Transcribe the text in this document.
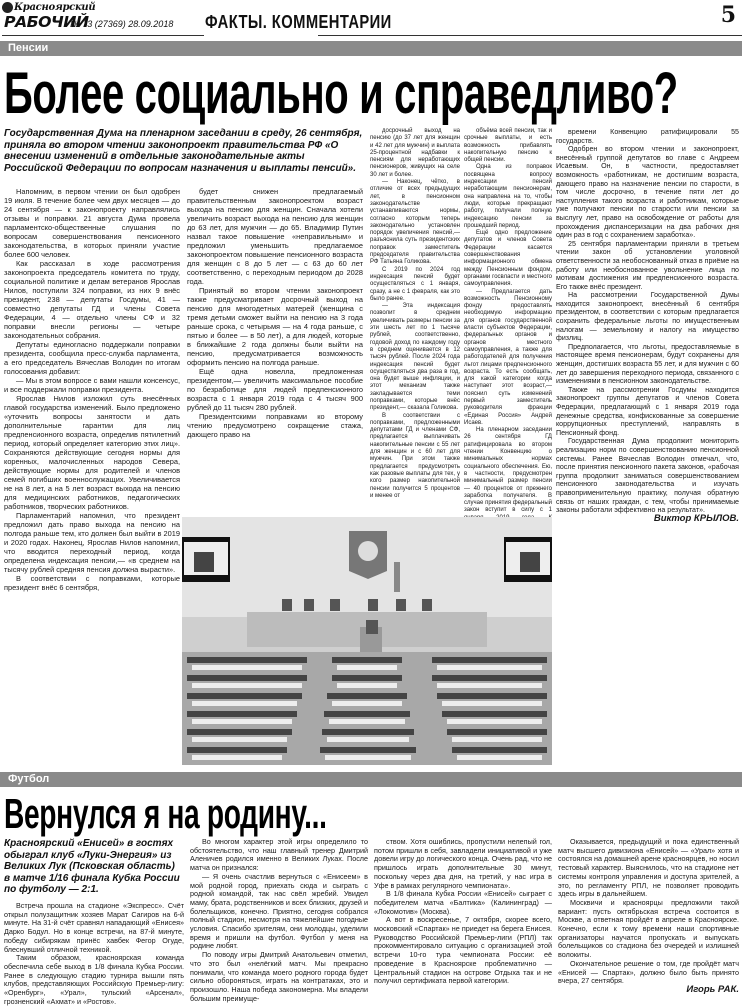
Красноярский
РАБОЧИЙ
№ 73 (27369) 28.09.2018 ФАКТЫ. КОММЕНТАРИИ	5
Пенсии
Более социально и справедливо?
Государственная Дума на пленарном заседании в среду, 26 сентября, приняла во втором чтении законопроект правительства РФ «О внесении изменений в отдельные законодательные акты Российской Федерации по вопросам назначения и выплаты пенсий».

Напомним, в первом чтении он был одобрен 19 июля. В течение более чем двух месяцев — до 24 сентября — к законопроекту направлялись отзывы и поправки. 21 августа Дума провела парламентско-общественные слушания по вопросам совершенствования пенсионного законодательства, в которых приняли участие более 600 человек.

Как рассказал в ходе рассмотрения законопроекта председатель комитета по труду, социальной политике и делам ветеранов Ярослав Нилов, поступили 324 поправки, из них 9 внёс президент, 238 — депутаты Госдумы, 41 — совместно депутаты ГД и члены Совета Федерации, 4 — отдельно члены СФ и 32 поправки внесли регионы — четыре законодательных собрания.

Депутаты единогласно поддержали поправки президента, сообщила пресс-служба парламента, а его председатель Вячеслав Володин по итогам голосования добавил:

— Мы в этом вопросе с вами нашли консенсус, и все поддержали поправки президента.

Ярослав Нилов изложил суть внесённых главой государства изменений. Было предложено «уточнить вопросы занятости и дать дополнительные гарантии для лиц предпенсионного возраста, определив пятилетний период, который определяет категорию этих лиц». Сохраняются действующие сегодня нормы для коренных, малочисленных народов Севера, действующие нормы для родителей и членов семей погибших военнослужащих. Увеличивается не на 8 лет, а на 5 лет возраст выхода на пенсию для медицинских работников, педагогических работников, творческих работников.

Парламентарий напомнил, что президент предложил дать право выхода на пенсию на полгода раньше тем, кто должен был выйти в 2019 и 2020 годах. Наконец, Ярослав Нилов напомнил, что вводится переходный период, когда определена индексация пенсии,— «в среднем на тысячу рублей средняя пенсия должна вырасти».

В соответствии с поправками, которые президент внёс 6 сентября,

будет снижен предлагаемый правительственным законопроектом возраст выхода на пенсию для женщин. Сначала хотели увеличить возраст выхода на пенсию для женщин до 63 лет, для мужчин — до 65. Владимир Путин назвал такое повышение «неправильным» и предложил уменьшить предлагаемое законопроектом повышение пенсионного возраста для женщин с 8 до 5 лет — с 63 до 60 лет соответственно, с переходным периодом до 2028 года.

Принятый во втором чтении законопроект также предусматривает досрочный выход на пенсию для многодетных матерей (женщина с тремя детьми сможет выйти на пенсию на 3 года раньше срока, с четырьмя — на 4 года раньше, с пятью и более — в 50 лет), а для людей, которые в ближайшие 2 года должны были выйти на пенсию, предусматривается возможность оформить пенсию на полгода раньше.

Ещё одна новелла, предложенная президентом,— увеличить максимальное пособие по безработице для людей предпенсионного возраста с 1 января 2019 года с 4 тысяч 900 рублей до 11 тысяч 280 рублей.

Президентскими поправками ко второму чтению предусмотрено сокращение стажа, дающего право на

досрочный выход на пенсию (до 37 лет для женщин и 42 лет для мужчин) и выплата 25-процентной надбавки к пенсиям для неработающих пенсионеров, живущих на селе 30 лет и более.

— Наконец, чётко, в отличие от всех предыдущих лет, в пенсионном законодательстве устанавливаются нормы, согласно которым теперь законодательно установлен порядок увеличения пенсий,— разъяснила суть президентских поправок заместитель председателя правительства РФ Татьяна Голикова.

С 2019 по 2024 год индексация пенсий будет осуществляться с 1 января, сразу, а не с 1 февраля, как это было ранее.

— Эта индексация позволит в среднем увеличивать размеры пенсии за эти шесть лет по 1 тысяче рублей, соответственно, годовой доход по каждому году в среднем оценивается в 12 тысяч рублей. После 2024 года индексация пенсий будет осуществляться два раза в год, она будет выше инфляции, и этот механизм также закладывается теми поправками, которые внёс президент,— сказала Голикова.

В соответствии с поправками, предложенными депутатами ГД и членами СФ, предлагается выплачивать накопительные пенсии с 55 лет для женщин и с 60 лет для мужчин. При этом также предлагается предусмотреть как разовые выплаты для тех, у кого размер накопительной пенсии получится 5 процентов и менее от

объёма всей пенсии, так и срочные выплаты, и есть возможность прибавлять накопительную пенсию к общей пенсии.

Одна из поправок посвящена вопросу индексации пенсий неработающим пенсионерам, она направлена на то, чтобы люди, которые прекращают работу, получали полную индексацию пенсии за прошедший период.

Ещё одно предложение депутатов и членов Совета Федерации касается совершенствования информационного обмена между Пенсионным фондом, органами госвласти и местного самоуправления.

— Предлагается дать возможность Пенсионному фонду предоставлять необходимую информацию для органов государственной власти субъектов Федерации, федеральных органов и органов местного самоуправления, а также для работодателей для получения льгот лицами предпенсионного возраста. То есть сообщать, для какой категории когда наступает этот возраст,— пояснил суть изменений первый заместитель руководителя фракции «Единая Россия» Андрей Исаев.

На пленарном заседании 26 сентября ГД ратифицировала во втором чтении Конвенцию о минимальных нормах социального обеспечения. Ею, в частности, предусмотрен минимальный размер пенсии — 40 процентов от прежнего заработка получателя. В случае принятия федеральный закон вступит в силу с 1

времени Конвенцию ратифицировали 55 государств.

Одобрен во втором чтении и законопроект, внесённый группой депутатов во главе с Андреем Исаевым. Он, в частности, предоставляет возможность «работникам, не достигшим возраста, дающего право на назначение пенсии по старости, в том числе досрочно, в течение пяти лет до наступления такого возраста и работникам, которые уже получают пенсии по старости или пенсии за выслугу лет, право на освобождение от работы для прохождения диспансеризации на два рабочих дня один раз в год с сохранением заработка».

25 сентября парламентарии приняли в третьем чтении закон об установлении уголовной ответственности за необоснованный отказ в приёме на работу или необоснованное увольнение лица по мотивам достижения им предпенсионного возраста. Его также внёс президент.

На рассмотрении Государственной Думы находится законопроект, внесённый 6 сентября президентом, в соответствии с которым предлагается сохранить федеральные льготы по имущественным налогам — земельному и налогу на имущество физлиц.

Предполагается, что льготы, предоставляемые в настоящее время пенсионерам, будут сохранены для женщин, достигших возраста 55 лет, и для мужчин с 60 лет до завершения переходного периода, связанного с изменениями в пенсионном законодательстве.

Также на рассмотрении Госдумы находится законопроект группы депутатов и членов Совета Федерации, предлагающий с 1 января 2019 года денежные средства, конфискованные за совершение коррупционных преступлений, направлять в Пенсионный фонд.

Государственная Дума продолжит мониторить реализацию норм по совершенствованию пенсионной системы. Ранее Вячеслав Володин отмечал, что, после принятия пенсионного пакета законов, «рабочая группа продолжит заниматься совершенствованием пенсионного законодательства и изучать правоприменительную практику, получая обратную связь от наших граждан, с тем, чтобы принимаемые законы работали эффективно на результат».

Виктор КРЫЛОВ.
Футбол
Вернулся я на родину...
Красноярский «Енисей» в гостях обыграл клуб «Луки-Энергия» из Великих Лук (Псковская область) в матче 1/16 финала Кубка России по футболу — 2:1.

Встреча прошла на стадионе «Экспресс». Счёт открыл полузащитник хозяев Марат Сагиров на 6-й минуте. На 31-й счёт сравнял нападающий «Енисея» Дарко Бодул. Но в конце встречи, на 87-й минуте, победу сибирякам принёс хавбек Фегор Огуде, блеснувший отличной техникой.

Таким образом, красноярская команда обеспечила себе выход в 1/8 финала Кубка России. Ранее в следующую стадию турнира вышли пять клубов, представляющих Российскую Премьер-лигу: «Оренбург», «Урал», тульский «Арсенал», грозненский «Ахмат» и «Ростов».

Во многом характер этой игры определило то обстоятельство, что наш главный тренер Дмитрий Аленичев родился именно в Великих Луках. После матча он признался:

— Я очень счастлив вернуться с «Енисеем» в мой родной город, приехать сюда и сыграть с родной командой, так нас свёл жребий. Увидел маму, брата, родственников и всех близких, друзей и болельщиков, конечно. Приятно, сегодня собрался полный стадион, несмотря на тяжелейшие погодные условия. Спасибо зрителям, они молодцы, уделили время и пришли на футбол. Футбол у меня на родине любят.

По поводу игры Дмитрий Анатольевич отметил, что это был «нелёгкий матч. Мы прекрасно понимали, что команда моего родного города будет сильно обороняться, играть на контратаках, это и произошло. Наша победа закономерна. Мы владели большим преимуще-

ством. Хотя ошиблись, пропустили нелепый гол, потом пришли в себя, завладели инициативой и уже довели игру до логического конца. Очень рад, что не пришлось играть дополнительные 30 минут, поскольку через два дня, на третий, у нас игра в Уфе в рамках регулярного чемпионата».

В 1/8 финала Кубка России «Енисей» сыграет с победителем матча «Балтика» (Калининград) — «Локомотив» (Москва).

А вот в воскресенье, 7 октября, скорее всего, московский «Спартак» не приедет на берега Енисея. Руководство Российской Премьер-лиги (РПЛ) так прокомментировало ситуацию с организацией этой встречи 10-го тура чемпионата России: её проведение в Красноярске проблематично — Центральный стадион на острове Отдыха так и не получил сертификата первой категории.

Оказывается, предыдущий и пока единственный матч высшего дивизиона «Енисей» — «Урал» хотя и состоялся на домашней арене красноярцев, но носил тестовый характер. Выяснилось, что на стадионе нет системы контроля управления и доступа зрителей, а это, по регламенту РПЛ, не позволяет проводить здесь игры в дальнейшем.

Москвичи и красноярцы предложили такой вариант: пусть октябрьская встреча состоится в Москве, а ответная пройдёт в апреле в Красноярске. Конечно, если к тому времени наши спортивные организаторы научатся пропускать и выпускать болельщиков со стадиона без очередей и излишней волокиты.

Окончательное решение о том, где пройдёт матч «Енисей — Спартак», должно было быть принято вчера, 27 сентября.

Игорь РАК.
